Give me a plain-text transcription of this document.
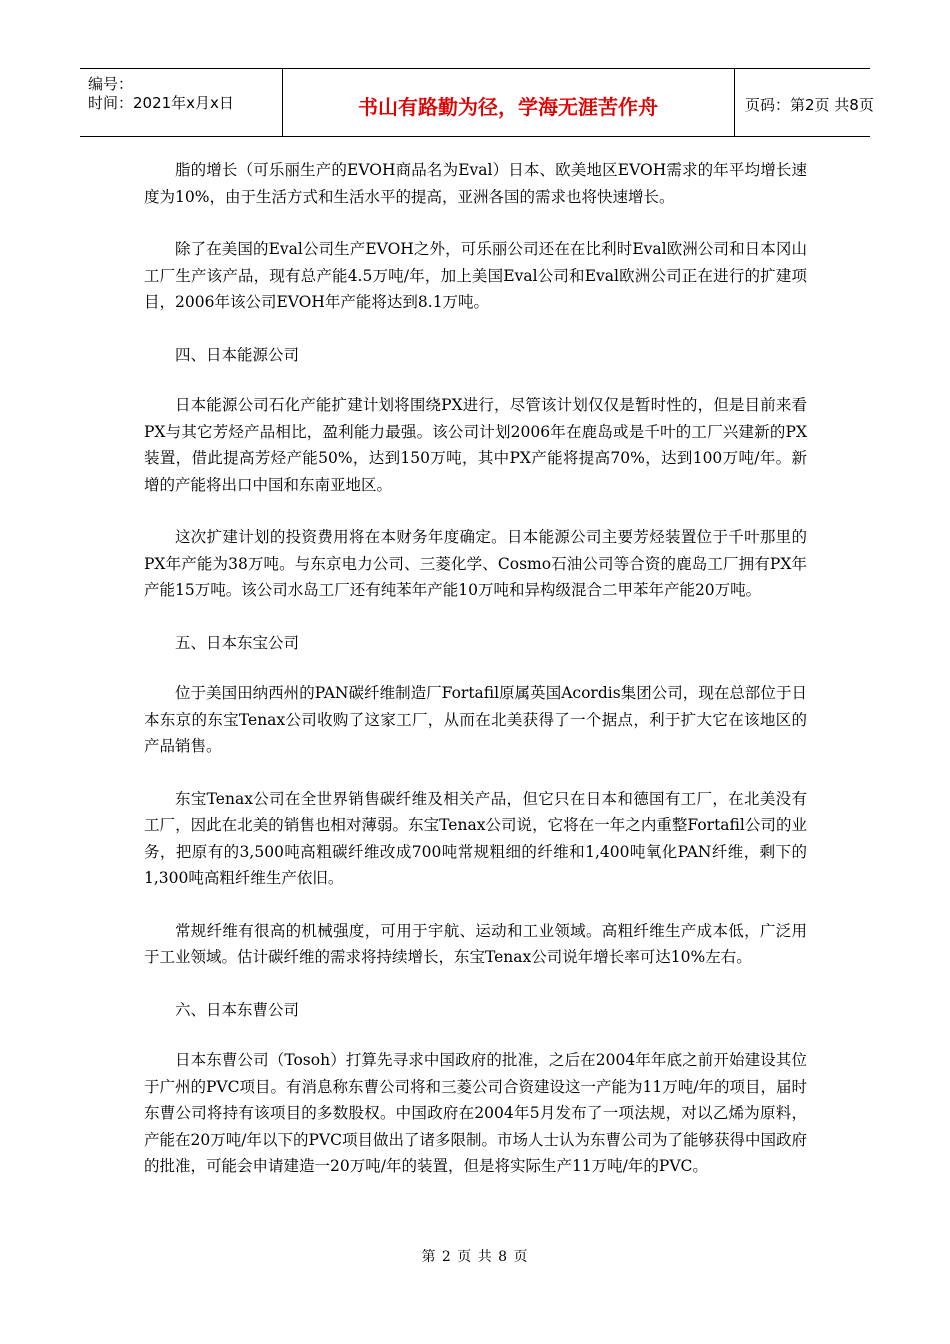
编号：
时间：2021年x月x日	书山有路勤为径，学海无涯苦作舟	页码：第2页 共8页

脂的增长（可乐丽生产的EVOH商品名为Eval）日本、欧美地区EVOH需求的年平均增长速度为10%，由于生活方式和生活水平的提高，亚洲各国的需求也将快速增长。

除了在美国的Eval公司生产EVOH之外，可乐丽公司还在在比利时Eval欧洲公司和日本冈山工厂生产该产品，现有总产能4.5万吨/年，加上美国Eval公司和Eval欧洲公司正在进行的扩建项目，2006年该公司EVOH年产能将达到8.1万吨。

四、日本能源公司

日本能源公司石化产能扩建计划将围绕PX进行，尽管该计划仅仅是暂时性的，但是目前来看PX与其它芳烃产品相比，盈利能力最强。该公司计划2006年在鹿岛或是千叶的工厂兴建新的PX装置，借此提高芳烃产能50%，达到150万吨，其中PX产能将提高70%，达到100万吨/年。新增的产能将出口中国和东南亚地区。

这次扩建计划的投资费用将在本财务年度确定。日本能源公司主要芳烃装置位于千叶那里的PX年产能为38万吨。与东京电力公司、三菱化学、Cosmo石油公司等合资的鹿岛工厂拥有PX年产能15万吨。该公司水岛工厂还有纯苯年产能10万吨和异构级混合二甲苯年产能20万吨。

五、日本东宝公司

位于美国田纳西州的PAN碳纤维制造厂Fortafil原属英国Acordis集团公司，现在总部位于日本东京的东宝Tenax公司收购了这家工厂，从而在北美获得了一个据点，利于扩大它在该地区的产品销售。

东宝Tenax公司在全世界销售碳纤维及相关产品，但它只在日本和德国有工厂，在北美没有工厂，因此在北美的销售也相对薄弱。东宝Tenax公司说，它将在一年之内重整Fortafil公司的业务，把原有的3,500吨高粗碳纤维改成700吨常规粗细的纤维和1,400吨氧化PAN纤维，剩下的1,300吨高粗纤维生产依旧。

常规纤维有很高的机械强度，可用于宇航、运动和工业领域。高粗纤维生产成本低，广泛用于工业领域。估计碳纤维的需求将持续增长，东宝Tenax公司说年增长率可达10%左右。

六、日本东曹公司

日本东曹公司（Tosoh）打算先寻求中国政府的批准，之后在2004年年底之前开始建设其位于广州的PVC项目。有消息称东曹公司将和三菱公司合资建设这一产能为11万吨/年的项目，届时东曹公司将持有该项目的多数股权。中国政府在2004年5月发布了一项法规，对以乙烯为原料，产能在20万吨/年以下的PVC项目做出了诸多限制。市场人士认为东曹公司为了能够获得中国政府的批准，可能会申请建造一20万吨/年的装置，但是将实际生产11万吨/年的PVC。

第 2 页 共 8 页
